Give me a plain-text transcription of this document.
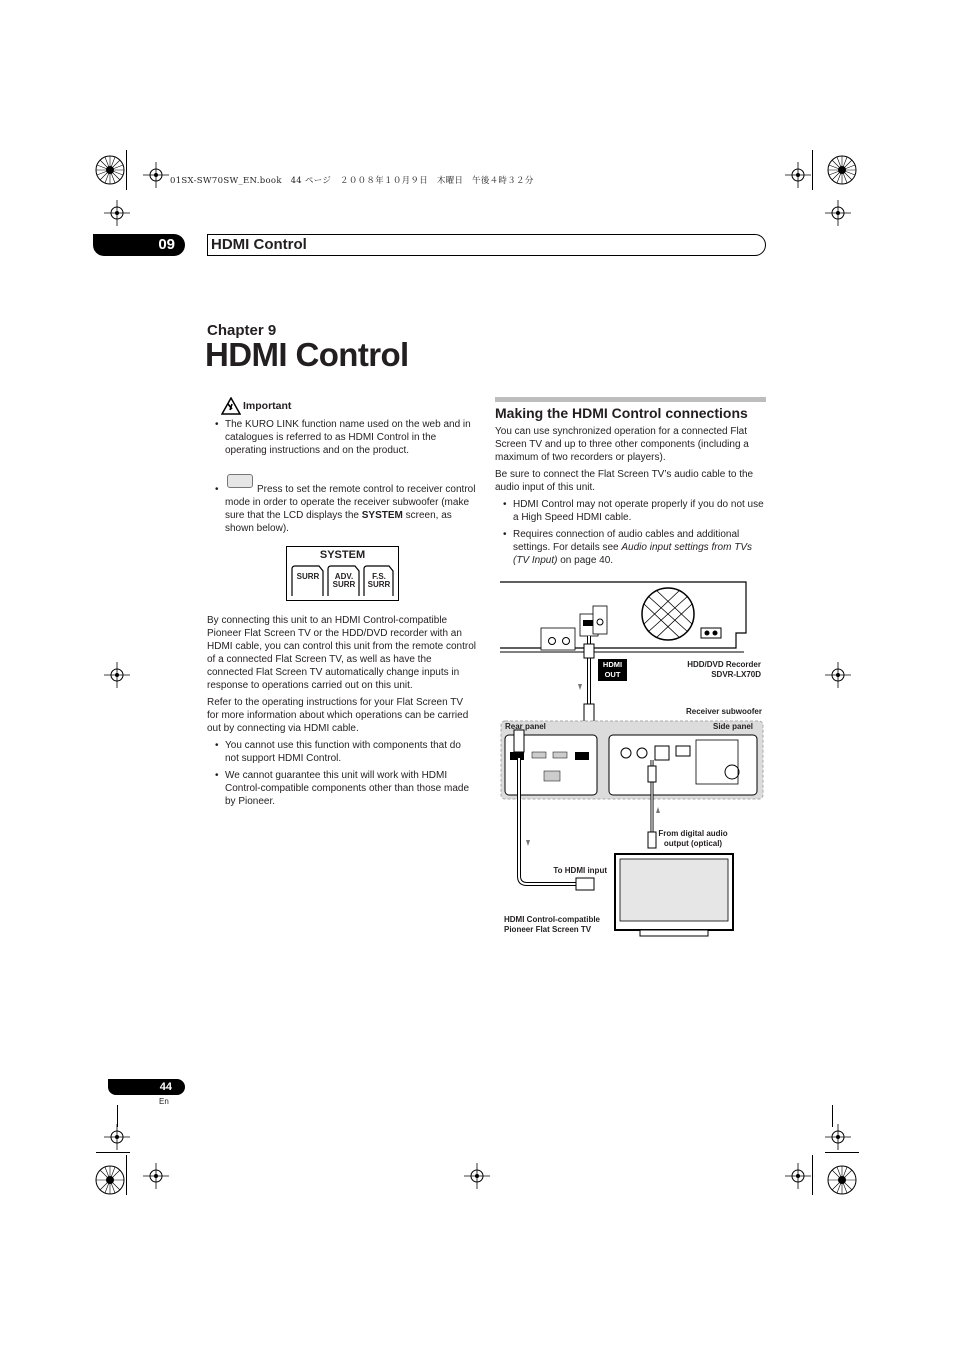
01SX-SW70SW_EN.book　44 ページ　２００８年１０月９日　木曜日　午後４時３２分
09	HDMI Control
Chapter 9
HDMI Control
Important
• The KURO LINK function name used on the web and in catalogues is referred to as HDMI Control in the operating instructions and on the product.
• Press to set the remote control to receiver control mode in order to operate the receiver subwoofer (make sure that the LCD displays the SYSTEM screen, as shown below).
SYSTEM
SURR	ADV.
SURR
F.S.
SURR

By connecting this unit to an HDMI Control-compatible Pioneer Flat Screen TV or the HDD/DVD recorder with an HDMI cable, you can control this unit from the remote control of a connected Flat Screen TV, as well as have the connected Flat Screen TV automatically change inputs in response to operations carried out on this unit.

Refer to the operating instructions for your Flat Screen TV for more information about which operations can be carried out by connecting via HDMI cable.

• You cannot use this function with components that do not support HDMI Control.
• We cannot guarantee this unit will work with HDMI Control-compatible components other than those made by Pioneer.
Making the HDMI Control connections

You can use synchronized operation for a connected Flat Screen TV and up to three other components (including a maximum of two recorders or players).

Be sure to connect the Flat Screen TV’s audio cable to the audio input of this unit.

• HDMI Control may not operate properly if you do not use a High Speed HDMI cable.
• Requires connection of audio cables and additional settings. For details see Audio input settings from TVs (TV Input) on page 40.
HDMI
OUT
HDD/DVD Recorder
SDVR-LX70D
Receiver subwoofer
Rear panel	Side panel
From digital audio
output (optical)
To HDMI input
HDMI Control-compatible
Pioneer Flat Screen TV
44
En
